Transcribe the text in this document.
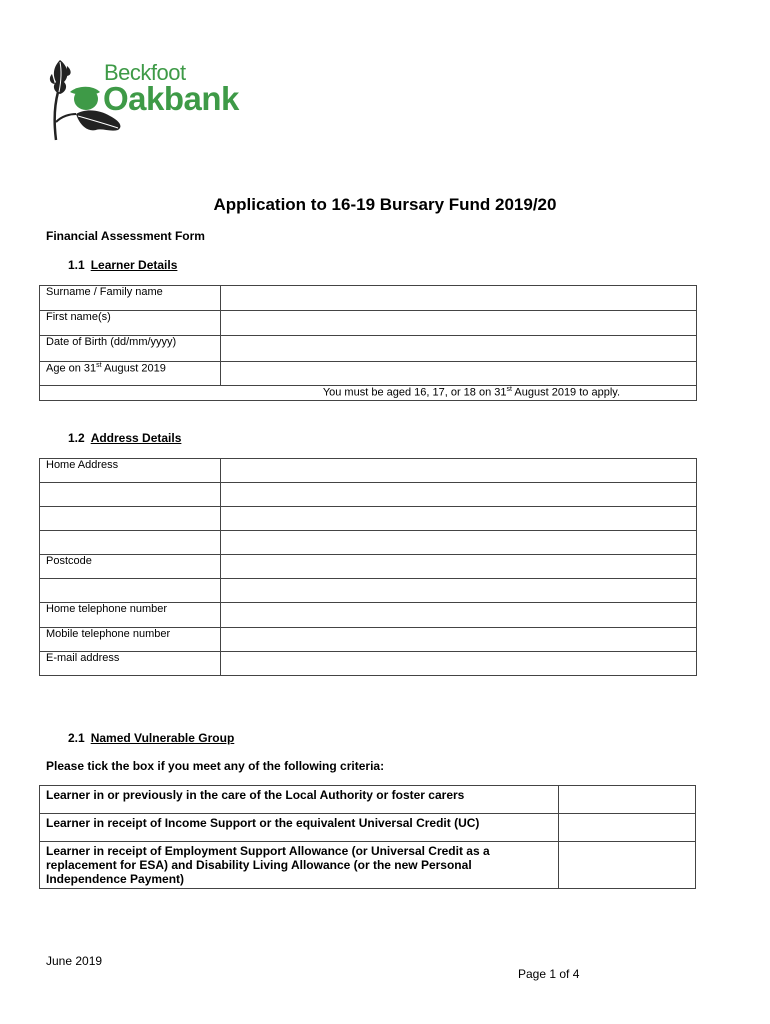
Beckfoot
Oakbank
Application to 16-19 Bursary Fund 2019/20
Financial Assessment Form
1.1 Learner Details
Surname / Family name	
First name(s)	
Date of Birth (dd/mm/yyyy)	
Age on 31st August 2019	
You must be aged 16, 17, or 18 on 31st August 2019 to apply.	
1.2 Address Details
Home Address	

Postcode	

Home telephone number	
Mobile telephone number	
E-mail address	
2.1 Named Vulnerable Group
Please tick the box if you meet any of the following criteria:
Learner in or previously in the care of the Local Authority or foster carers	
Learner in receipt of Income Support or the equivalent Universal Credit (UC)	
Learner in receipt of Employment Support Allowance (or Universal Credit as a replacement for ESA) and Disability Living Allowance (or the new Personal Independence Payment)	
June 2019
Page 1 of 4
